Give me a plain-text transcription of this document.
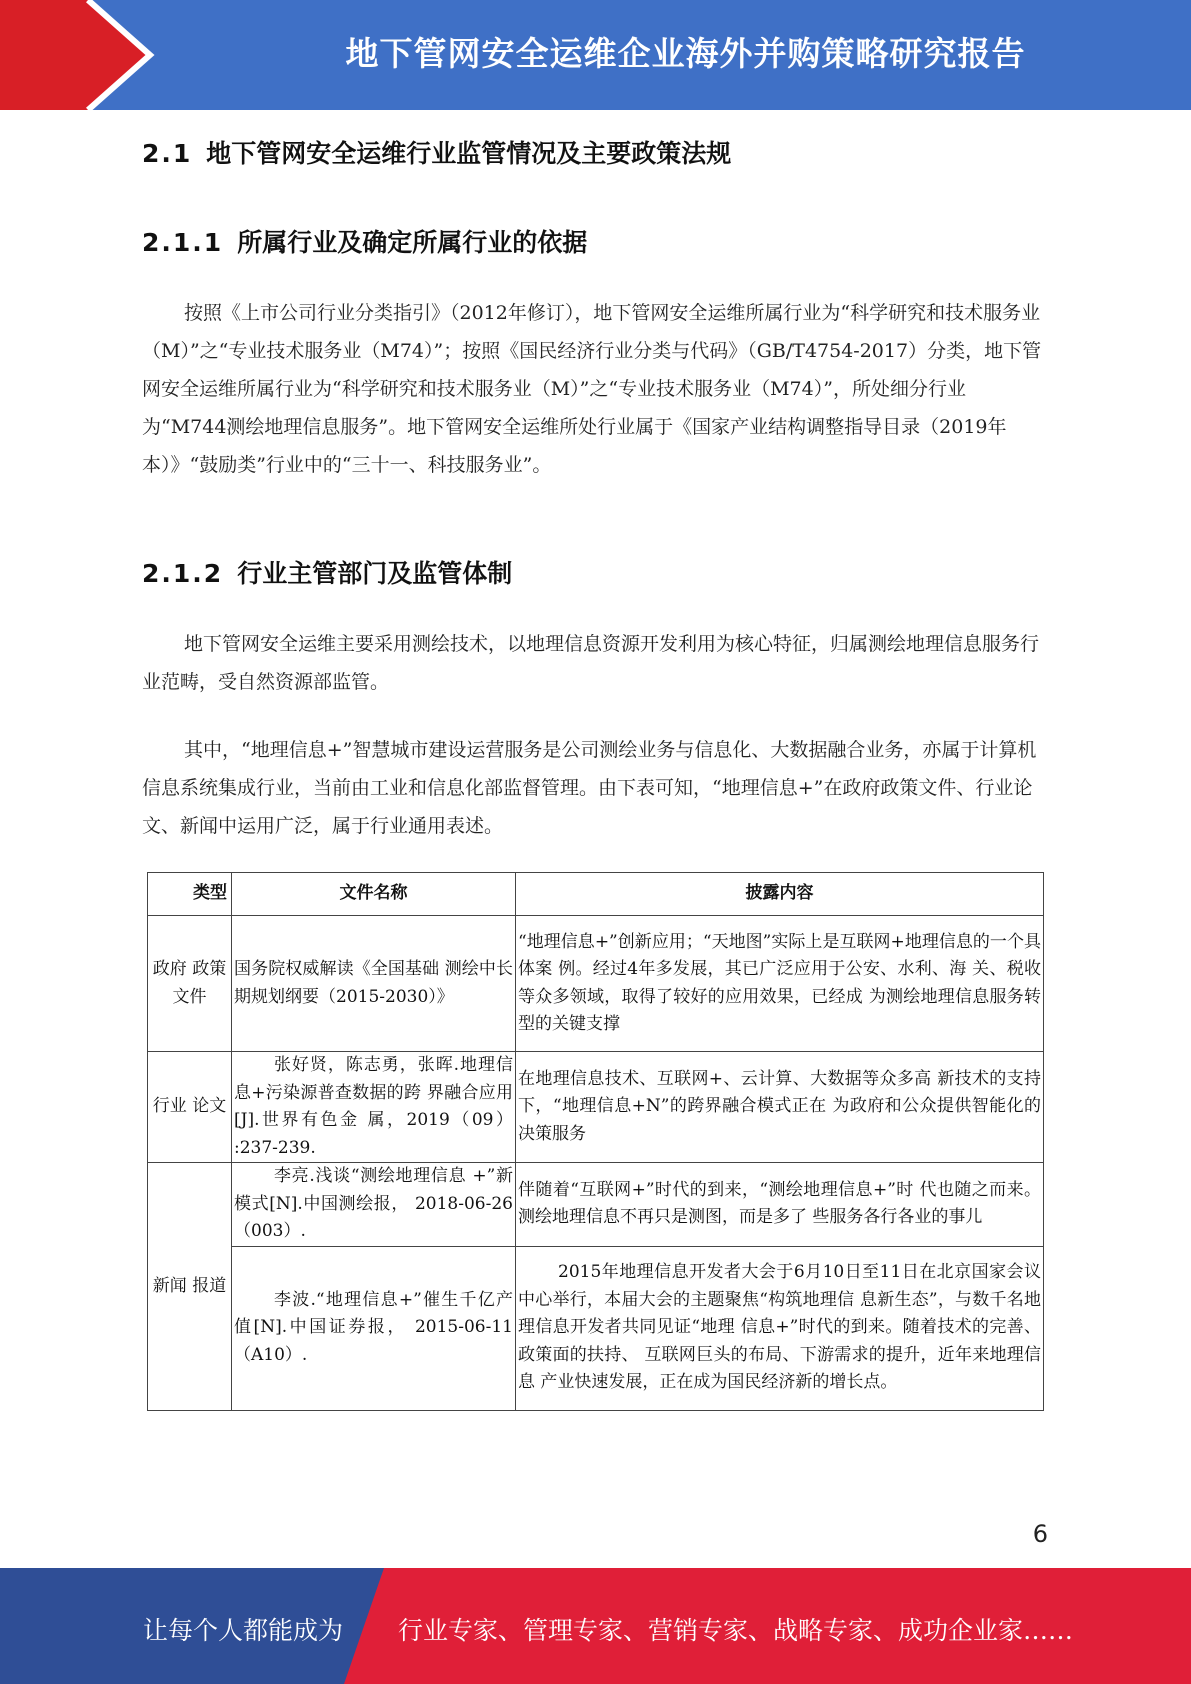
地下管网安全运维企业海外并购策略研究报告
2.1 地下管网安全运维行业监管情况及主要政策法规
2.1.1 所属行业及确定所属行业的依据

按照《上市公司行业分类指引》（2012年修订），地下管网安全运维所属行业为“科学研究和技术服务业（M）”之“专业技术服务业（M74）”；按照《国民经济行业分类与代码》（GB/T4754-2017）分类，地下管网安全运维所属行业为“科学研究和技术服务业（M）”之“专业技术服务业（M74）”，所处细分行业为“M744测绘地理信息服务”。地下管网安全运维所处行业属于《国家产业结构调整指导目录（2019年本）》“鼓励类”行业中的“三十一、科技服务业”。

2.1.2 行业主管部门及监管体制

地下管网安全运维主要采用测绘技术，以地理信息资源开发利用为核心特征，归属测绘地理信息服务行业范畴，受自然资源部监管。

其中，“地理信息+”智慧城市建设运营服务是公司测绘业务与信息化、大数据融合业务，亦属于计算机信息系统集成行业，当前由工业和信息化部监督管理。由下表可知，“地理信息+”在政府政策文件、行业论文、新闻中运用广泛，属于行业通用表述。

类型	文件名称	披露内容
政府 政策 文件	国务院权威解读《全国基础 测绘中长期规划纲要（2015-2030）》	“地理信息+”创新应用；“天地图”实际上是互联网+地理信息的一个具体案 例。经过4年多发展，其已广泛应用于公安、水利、海 关、税收等众多领域，取得了较好的应用效果，已经成 为测绘地理信息服务转型的关键支撑
行业 论文	张好贤，陈志勇，张晖.地理信息+污染源普查数据的跨 界融合应用[J].世界有色金 属，2019（09） :237-239.	在地理信息技术、互联网+、云计算、大数据等众多高 新技术的支持下，“地理信息+N”的跨界融合模式正在 为政府和公众提供智能化的决策服务
新闻 报道	李亮.浅谈“测绘地理信息 +”新模式[N].中国测绘报， 2018-06-26 （003）.	伴随着“互联网+”时代的到来，“测绘地理信息+”时 代也随之而来。测绘地理信息不再只是测图，而是多了 些服务各行各业的事儿
	李波.“地理信息+”催生千亿产值[N].中国证券报， 2015-06-11（A10）.	2015年地理信息开发者大会于6月10日至11日在北京国家会议中心举行，本届大会的主题聚焦“构筑地理信 息新生态”，与数千名地理信息开发者共同见证“地理 信息+”时代的到来。随着技术的完善、政策面的扶持、 互联网巨头的布局、下游需求的提升，近年来地理信息 产业快速发展，正在成为国民经济新的增长点。
6
让每个人都能成为 行业专家、管理专家、营销专家、战略专家、成功企业家……
